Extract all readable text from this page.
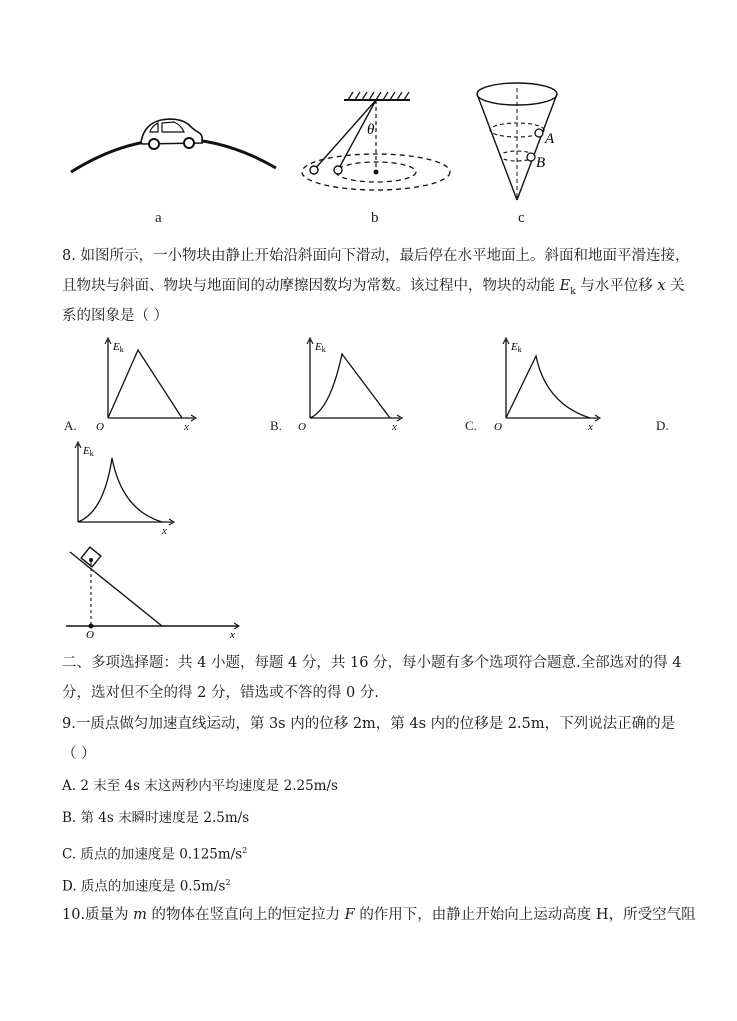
a
θ
b
A
B
c
8. 如图所示，一小物块由静止开始沿斜面向下滑动，最后停在水平地面上。斜面和地面平滑连接，
且物块与斜面、物块与地面间的动摩擦因数均为常数。该过程中，物块的动能 $E_k$ 与水平位移 x 关
系的图象是（ ）
Ek
O	x
A.
Ek
O	x
B.
Ek
O	x
C.	D.
Ek
x
O	x
二、多项选择题：共 4 小题，每题 4 分，共 16 分，每小题有多个选项符合题意.全部选对的得 4
分，选对但不全的得 2 分，错选或不答的得 0 分.
9.一质点做匀加速直线运动，第 3s 内的位移 2m，第 4s 内的位移是 2.5m，下列说法正确的是
（ ）
A. 2 末至 4s 末这两秒内平均速度是 2.25m/s
B. 第 4s 末瞬时速度是 2.5m/s
C. 质点的加速度是 $0.125m/s^2$
D. 质点的加速度是 $0.5m/s^2$
10.质量为 m 的物体在竖直向上的恒定拉力 F 的作用下，由静止开始向上运动高度 H，所受空气阻
